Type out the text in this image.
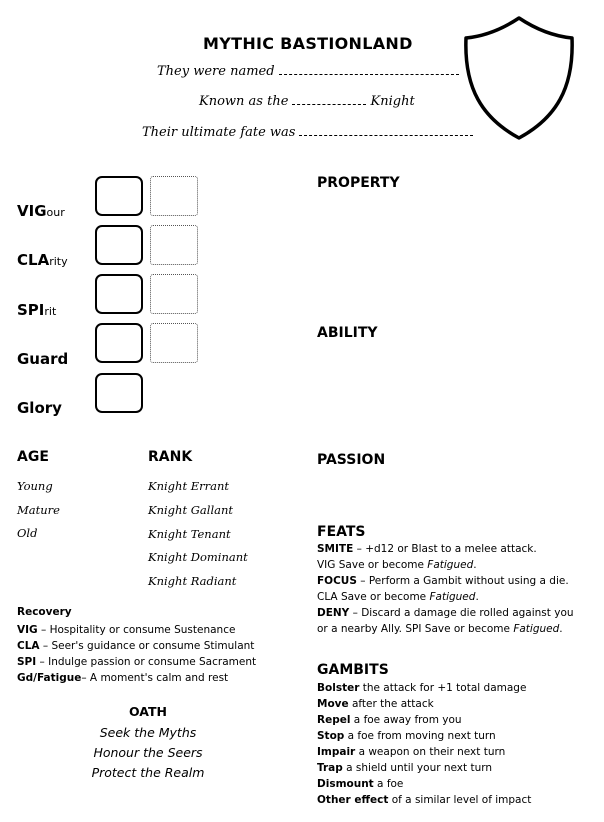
MYTHIC BASTIONLAND
They were named
Known as the	Knight
Their ultimate fate was
VIGour
CLArity
SPIrit
Guard
Glory
PROPERTY
ABILITY
PASSION
AGE
Young
Mature
Old
RANK
Knight Errant
Knight Gallant
Knight Tenant
Knight Dominant
Knight Radiant
Recovery
VIG – Hospitality or consume Sustenance
CLA – Seer's guidance or consume Stimulant
SPI – Indulge passion or consume Sacrament
Gd/Fatigue– A moment's calm and rest
OATH
Seek the Myths
Honour the Seers
Protect the Realm
FEATS
SMITE – +d12 or Blast to a melee attack.
VIG Save or become Fatigued.
FOCUS – Perform a Gambit without using a die.
CLA Save or become Fatigued.
DENY – Discard a damage die rolled against you
or a nearby Ally. SPI Save or become Fatigued.
GAMBITS
Bolster the attack for +1 total damage
Move after the attack
Repel a foe away from you
Stop a foe from moving next turn
Impair a weapon on their next turn
Trap a shield until your next turn
Dismount a foe
Other effect of a similar level of impact
